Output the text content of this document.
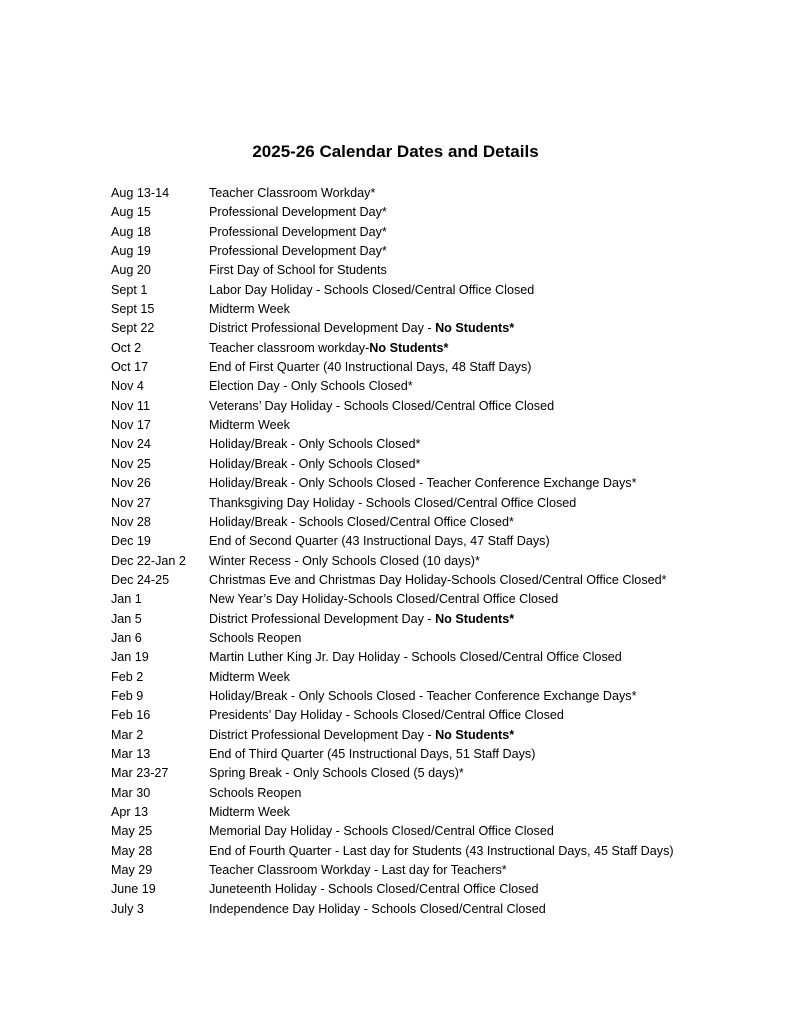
2025-26 Calendar Dates and Details
Aug 13-14	Teacher Classroom Workday*
Aug 15	Professional Development Day*
Aug 18	Professional Development Day*
Aug 19	Professional Development Day*
Aug 20	First Day of School for Students
Sept 1	Labor Day Holiday - Schools Closed/Central Office Closed
Sept 15	Midterm Week
Sept 22	District Professional Development Day - No Students*
Oct 2	Teacher classroom workday-No Students*
Oct 17	End of First Quarter (40 Instructional Days, 48 Staff Days)
Nov 4	Election Day - Only Schools Closed*
Nov 11	Veterans’ Day Holiday - Schools Closed/Central Office Closed
Nov 17	Midterm Week
Nov 24	Holiday/Break - Only Schools Closed*
Nov 25	Holiday/Break - Only Schools Closed*
Nov 26	Holiday/Break - Only Schools Closed - Teacher Conference Exchange Days*
Nov 27	Thanksgiving Day Holiday - Schools Closed/Central Office Closed
Nov 28	Holiday/Break - Schools Closed/Central Office Closed*
Dec 19	End of Second Quarter (43 Instructional Days, 47 Staff Days)
Dec 22-Jan 2	Winter Recess - Only Schools Closed (10 days)*
Dec 24-25	Christmas Eve and Christmas Day Holiday-Schools Closed/Central Office Closed*
Jan 1	New Year’s Day Holiday-Schools Closed/Central Office Closed
Jan 5	District Professional Development Day - No Students*
Jan 6	Schools Reopen
Jan 19	Martin Luther King Jr. Day Holiday - Schools Closed/Central Office Closed
Feb 2	Midterm Week
Feb 9	Holiday/Break - Only Schools Closed - Teacher Conference Exchange Days*
Feb 16	Presidents’ Day Holiday - Schools Closed/Central Office Closed
Mar 2	District Professional Development Day - No Students*
Mar 13	End of Third Quarter (45 Instructional Days, 51 Staff Days)
Mar 23-27	Spring Break - Only Schools Closed (5 days)*
Mar 30	Schools Reopen
Apr 13	Midterm Week
May 25	Memorial Day Holiday - Schools Closed/Central Office Closed
May 28	End of Fourth Quarter - Last day for Students (43 Instructional Days, 45 Staff Days)
May 29	Teacher Classroom Workday - Last day for Teachers*
June 19	Juneteenth Holiday - Schools Closed/Central Office Closed
July 3	Independence Day Holiday - Schools Closed/Central Closed
